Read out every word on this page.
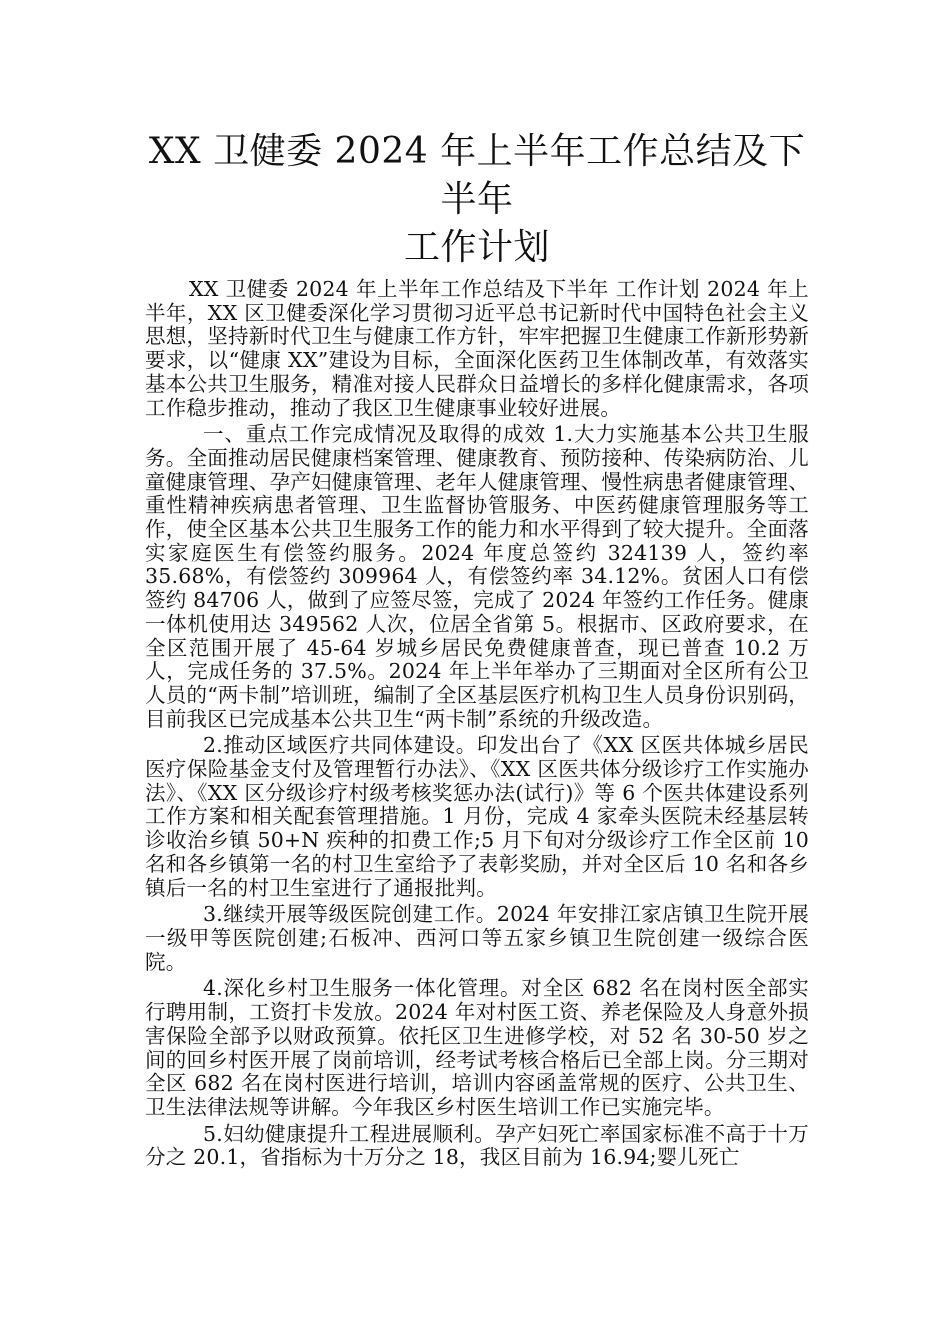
XX 卫健委 2024 年上半年工作总结及下半年
工作计划

XX 卫健委 2024 年上半年工作总结及下半年 工作计划 2024 年上半年，XX 区卫健委深化学习贯彻习近平总书记新时代中国特色社会主义思想，坚持新时代卫生与健康工作方针，牢牢把握卫生健康工作新形势新要求，以“健康 XX”建设为目标，全面深化医药卫生体制改革，有效落实基本公共卫生服务，精准对接人民群众日益增长的多样化健康需求，各项工作稳步推动，推动了我区卫生健康事业较好进展。

一、重点工作完成情况及取得的成效 1.大力实施基本公共卫生服务。全面推动居民健康档案管理、健康教育、预防接种、传染病防治、儿童健康管理、孕产妇健康管理、老年人健康管理、慢性病患者健康管理、重性精神疾病患者管理、卫生监督协管服务、中医药健康管理服务等工作，使全区基本公共卫生服务工作的能力和水平得到了较大提升。全面落实家庭医生有偿签约服务。2024 年度总签约 324139 人，签约率 35.68%，有偿签约 309964 人，有偿签约率 34.12%。贫困人口有偿签约 84706 人，做到了应签尽签，完成了 2024 年签约工作任务。健康一体机使用达 349562 人次，位居全省第 5。根据市、区政府要求，在全区范围开展了 45-64 岁城乡居民免费健康普查，现已普查 10.2 万人，完成任务的 37.5%。2024 年上半年举办了三期面对全区所有公卫人员的“两卡制”培训班，编制了全区基层医疗机构卫生人员身份识别码，目前我区已完成基本公共卫生“两卡制”系统的升级改造。

2.推动区域医疗共同体建设。印发出台了《XX 区医共体城乡居民医疗保险基金支付及管理暂行办法》、《XX 区医共体分级诊疗工作实施办法》、《XX 区分级诊疗村级考核奖惩办法(试行)》等 6 个医共体建设系列工作方案和相关配套管理措施。1 月份，完成 4 家牵头医院未经基层转诊收治乡镇 50+N 疾种的扣费工作;5 月下旬对分级诊疗工作全区前 10 名和各乡镇第一名的村卫生室给予了表彰奖励，并对全区后 10 名和各乡镇后一名的村卫生室进行了通报批判。

3.继续开展等级医院创建工作。2024 年安排江家店镇卫生院开展一级甲等医院创建;石板冲、西河口等五家乡镇卫生院创建一级综合医院。

4.深化乡村卫生服务一体化管理。对全区 682 名在岗村医全部实行聘用制，工资打卡发放。2024 年对村医工资、养老保险及人身意外损害保险全部予以财政预算。依托区卫生进修学校，对 52 名 30-50 岁之间的回乡村医开展了岗前培训，经考试考核合格后已全部上岗。分三期对全区 682 名在岗村医进行培训，培训内容函盖常规的医疗、公共卫生、卫生法律法规等讲解。今年我区乡村医生培训工作已实施完毕。

5.妇幼健康提升工程进展顺利。孕产妇死亡率国家标准不高于十万分之 20.1，省指标为十万分之 18，我区目前为 16.94;婴儿死亡
